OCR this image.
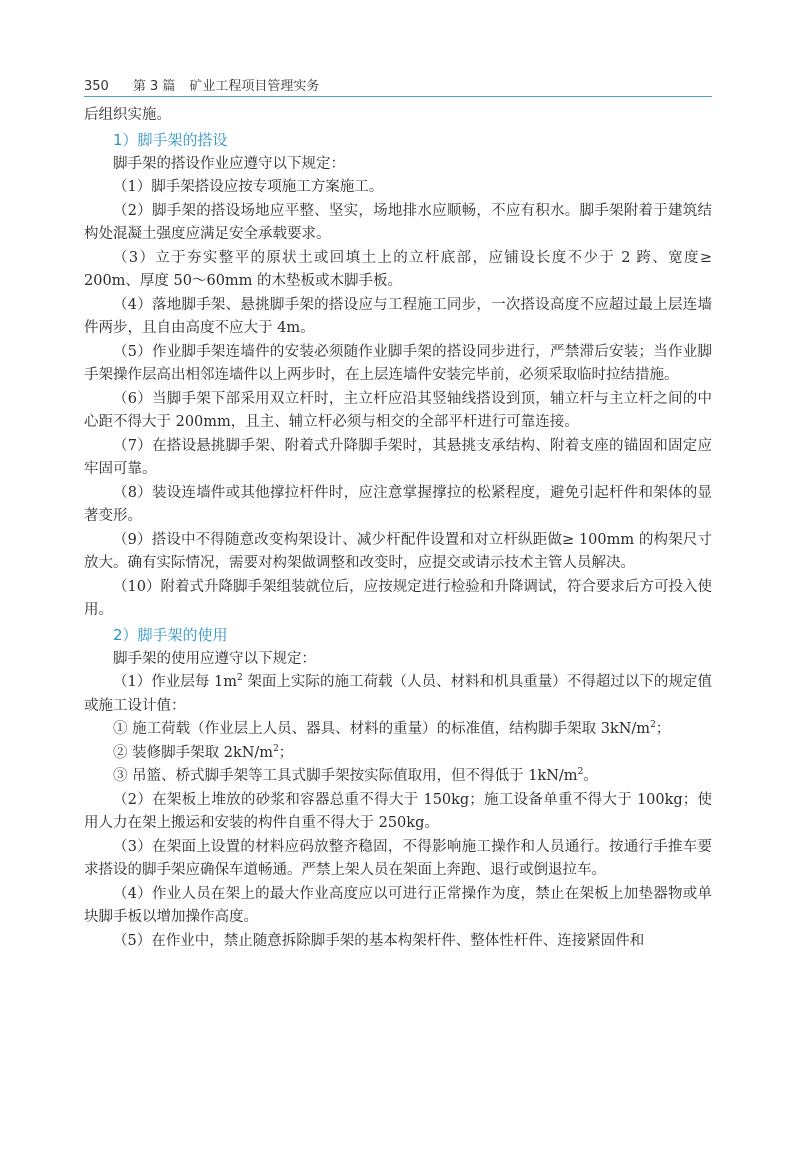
350 第 3 篇 矿业工程项目管理实务

后组织实施。

1）脚手架的搭设

脚手架的搭设作业应遵守以下规定：

（1）脚手架搭设应按专项施工方案施工。

（2）脚手架的搭设场地应平整、坚实，场地排水应顺畅，不应有积水。脚手架附着于建筑结构处混凝土强度应满足安全承载要求。

（3）立于夯实整平的原状土或回填土上的立杆底部，应铺设长度不少于 2 跨、宽度≥ 200m、厚度 50～60mm 的木垫板或木脚手板。

（4）落地脚手架、悬挑脚手架的搭设应与工程施工同步，一次搭设高度不应超过最上层连墙件两步，且自由高度不应大于 4m。

（5）作业脚手架连墙件的安装必须随作业脚手架的搭设同步进行，严禁滞后安装；当作业脚手架操作层高出相邻连墙件以上两步时，在上层连墙件安装完毕前，必须采取临时拉结措施。

（6）当脚手架下部采用双立杆时，主立杆应沿其竖轴线搭设到顶，辅立杆与主立杆之间的中心距不得大于 200mm，且主、辅立杆必须与相交的全部平杆进行可靠连接。

（7）在搭设悬挑脚手架、附着式升降脚手架时，其悬挑支承结构、附着支座的锚固和固定应牢固可靠。

（8）装设连墙件或其他撑拉杆件时，应注意掌握撑拉的松紧程度，避免引起杆件和架体的显著变形。

（9）搭设中不得随意改变构架设计、减少杆配件设置和对立杆纵距做≥ 100mm 的构架尺寸放大。确有实际情况，需要对构架做调整和改变时，应提交或请示技术主管人员解决。

（10）附着式升降脚手架组装就位后，应按规定进行检验和升降调试，符合要求后方可投入使用。

2）脚手架的使用

脚手架的使用应遵守以下规定：

（1）作业层每 $1m^2$ 架面上实际的施工荷载（人员、材料和机具重量）不得超过以下的规定值或施工设计值：

① 施工荷载（作业层上人员、器具、材料的重量）的标准值，结构脚手架取 $3kN/m^2$；

② 装修脚手架取 $2kN/m^2$；

③ 吊篮、桥式脚手架等工具式脚手架按实际值取用，但不得低于 $1kN/m^2$。

（2）在架板上堆放的砂浆和容器总重不得大于 150kg；施工设备单重不得大于 100kg；使用人力在架上搬运和安装的构件自重不得大于 250kg。

（3）在架面上设置的材料应码放整齐稳固，不得影响施工操作和人员通行。按通行手推车要求搭设的脚手架应确保车道畅通。严禁上架人员在架面上奔跑、退行或倒退拉车。

（4）作业人员在架上的最大作业高度应以可进行正常操作为度，禁止在架板上加垫器物或单块脚手板以增加操作高度。

（5）在作业中，禁止随意拆除脚手架的基本构架杆件、整体性杆件、连接紧固件和
